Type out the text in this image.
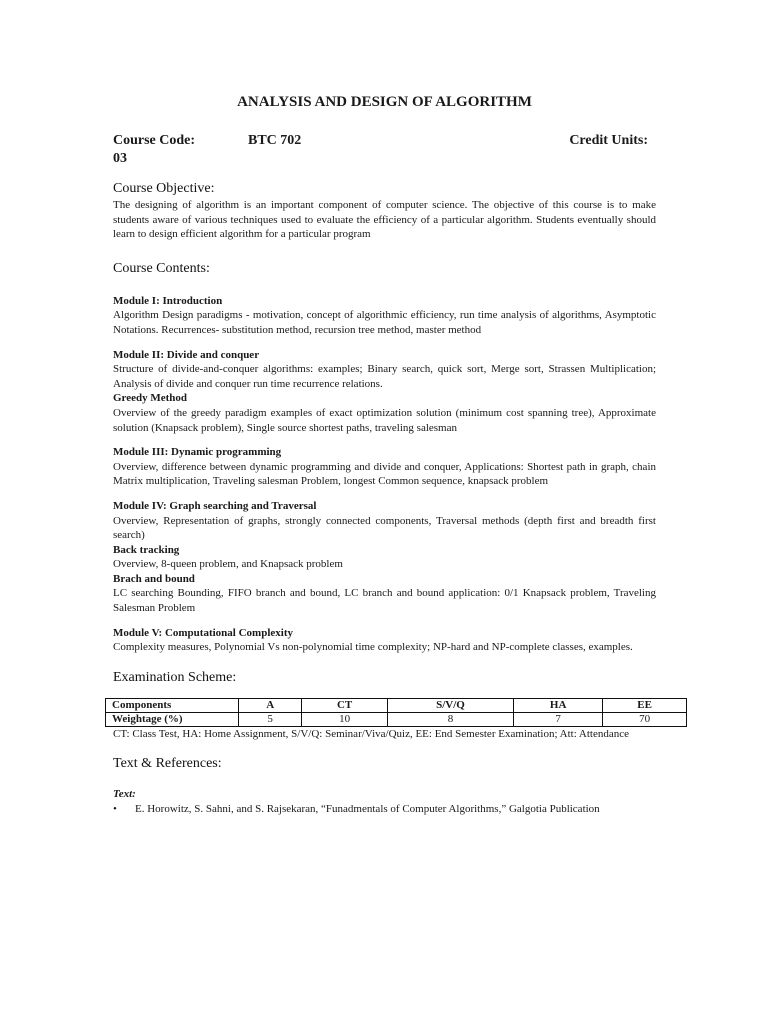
ANALYSIS AND DESIGN OF ALGORITHM

Course Code:	BTC 702	Credit Units:
03
Course Objective:

The designing of algorithm is an important component of computer science. The objective of this course is to make students aware of various techniques used to evaluate the efficiency of a particular algorithm. Students eventually should learn to design efficient algorithm for a particular program

Course Contents:

Module I: Introduction

Algorithm Design paradigms - motivation, concept of algorithmic efficiency, run time analysis of algorithms, Asymptotic Notations. Recurrences- substitution method, recursion tree method, master method

Module II: Divide and conquer

Structure of divide-and-conquer algorithms: examples; Binary search, quick sort, Merge sort, Strassen Multiplication; Analysis of divide and conquer run time recurrence relations.

Greedy Method

Overview of the greedy paradigm examples of exact optimization solution (minimum cost spanning tree), Approximate solution (Knapsack problem), Single source shortest paths, traveling salesman

Module III: Dynamic programming

Overview, difference between dynamic programming and divide and conquer, Applications: Shortest path in graph, chain Matrix multiplication, Traveling salesman Problem, longest Common sequence, knapsack problem

Module IV: Graph searching and Traversal

Overview, Representation of graphs, strongly connected components, Traversal methods (depth first and breadth first search)

Back tracking

Overview, 8-queen problem, and Knapsack problem

Brach and bound

LC searching Bounding, FIFO branch and bound, LC branch and bound application: 0/1 Knapsack problem, Traveling Salesman Problem

Module V: Computational Complexity

Complexity measures, Polynomial Vs non-polynomial time complexity; NP-hard and NP-complete classes, examples.

Examination Scheme:
Components	A	CT	S/V/Q	HA	EE
Weightage (%)	5	10	8	7	70

CT: Class Test, HA: Home Assignment, S/V/Q: Seminar/Viva/Quiz, EE: End Semester Examination; Att: Attendance

Text & References:
Text:
• E. Horowitz, S. Sahni, and S. Rajsekaran, “Funadmentals of Computer Algorithms,” Galgotia Publication
